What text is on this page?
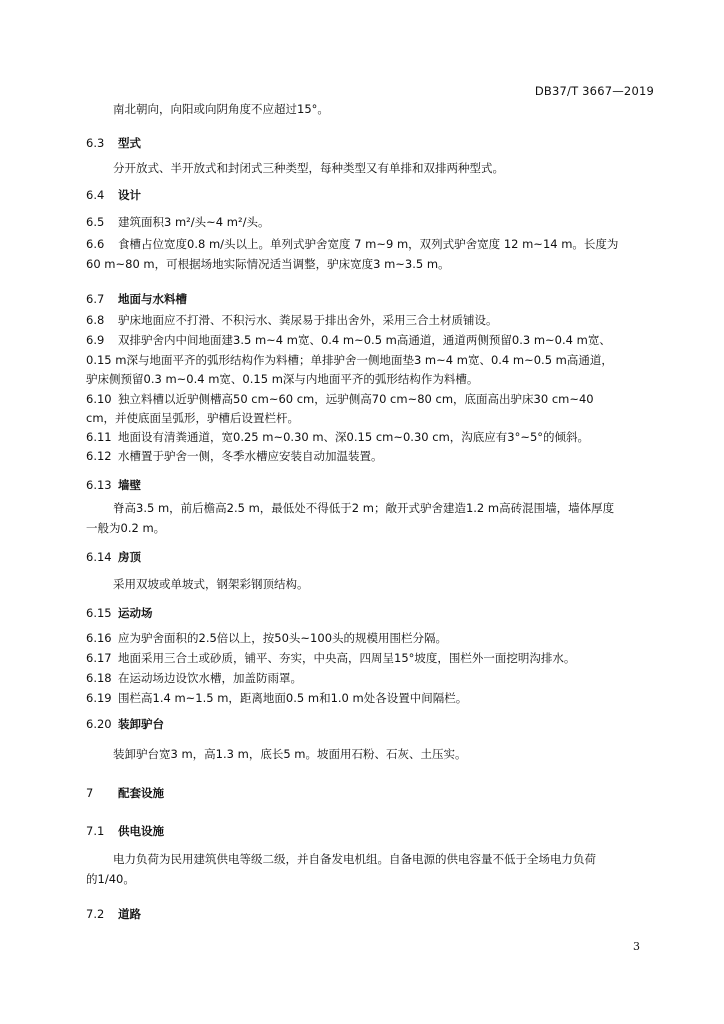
DB37/T 3667—2019
南北朝向，向阳或向阴角度不应超过15°。
6.3 型式
分开放式、半开放式和封闭式三种类型，每种类型又有单排和双排两种型式。
6.4 设计
6.5 建筑面积3 m²/头~4 m²/头。
6.6 食槽占位宽度0.8 m/头以上。单列式驴舍宽度 7 m~9 m，双列式驴舍宽度 12 m~14 m。长度为
60 m~80 m，可根据场地实际情况适当调整，驴床宽度3 m~3.5 m。
6.7 地面与水料槽
6.8 驴床地面应不打滑、不积污水、粪尿易于排出舍外，采用三合土材质铺设。
6.9 双排驴舍内中间地面建3.5 m~4 m宽、0.4 m~0.5 m高通道，通道两侧预留0.3 m~0.4 m宽、
0.15 m深与地面平齐的弧形结构作为料槽；单排驴舍一侧地面垫3 m~4 m宽、0.4 m~0.5 m高通道，
驴床侧预留0.3 m~0.4 m宽、0.15 m深与内地面平齐的弧形结构作为料槽。
6.10 独立料槽以近驴侧槽高50 cm~60 cm，远驴侧高70 cm~80 cm，底面高出驴床30 cm~40
cm，并使底面呈弧形，驴槽后设置栏杆。
6.11 地面设有清粪通道，宽0.25 m~0.30 m、深0.15 cm~0.30 cm，沟底应有3°~5°的倾斜。
6.12 水槽置于驴舍一侧，冬季水槽应安装自动加温装置。
6.13 墙壁
脊高3.5 m，前后檐高2.5 m，最低处不得低于2 m；敞开式驴舍建造1.2 m高砖混围墙，墙体厚度
一般为0.2 m。
6.14 房顶
采用双坡或单坡式，钢架彩钢顶结构。
6.15 运动场
6.16 应为驴舍面积的2.5倍以上，按50头~100头的规模用围栏分隔。
6.17 地面采用三合土或砂质，铺平、夯实，中央高，四周呈15°坡度，围栏外一面挖明沟排水。
6.18 在运动场边设饮水槽，加盖防雨罩。
6.19 围栏高1.4 m~1.5 m，距离地面0.5 m和1.0 m处各设置中间隔栏。
6.20 装卸驴台
装卸驴台宽3 m，高1.3 m，底长5 m。坡面用石粉、石灰、土压实。
7 配套设施
7.1 供电设施
电力负荷为民用建筑供电等级二级，并自备发电机组。自备电源的供电容量不低于全场电力负荷
的1/40。
7.2 道路
3
